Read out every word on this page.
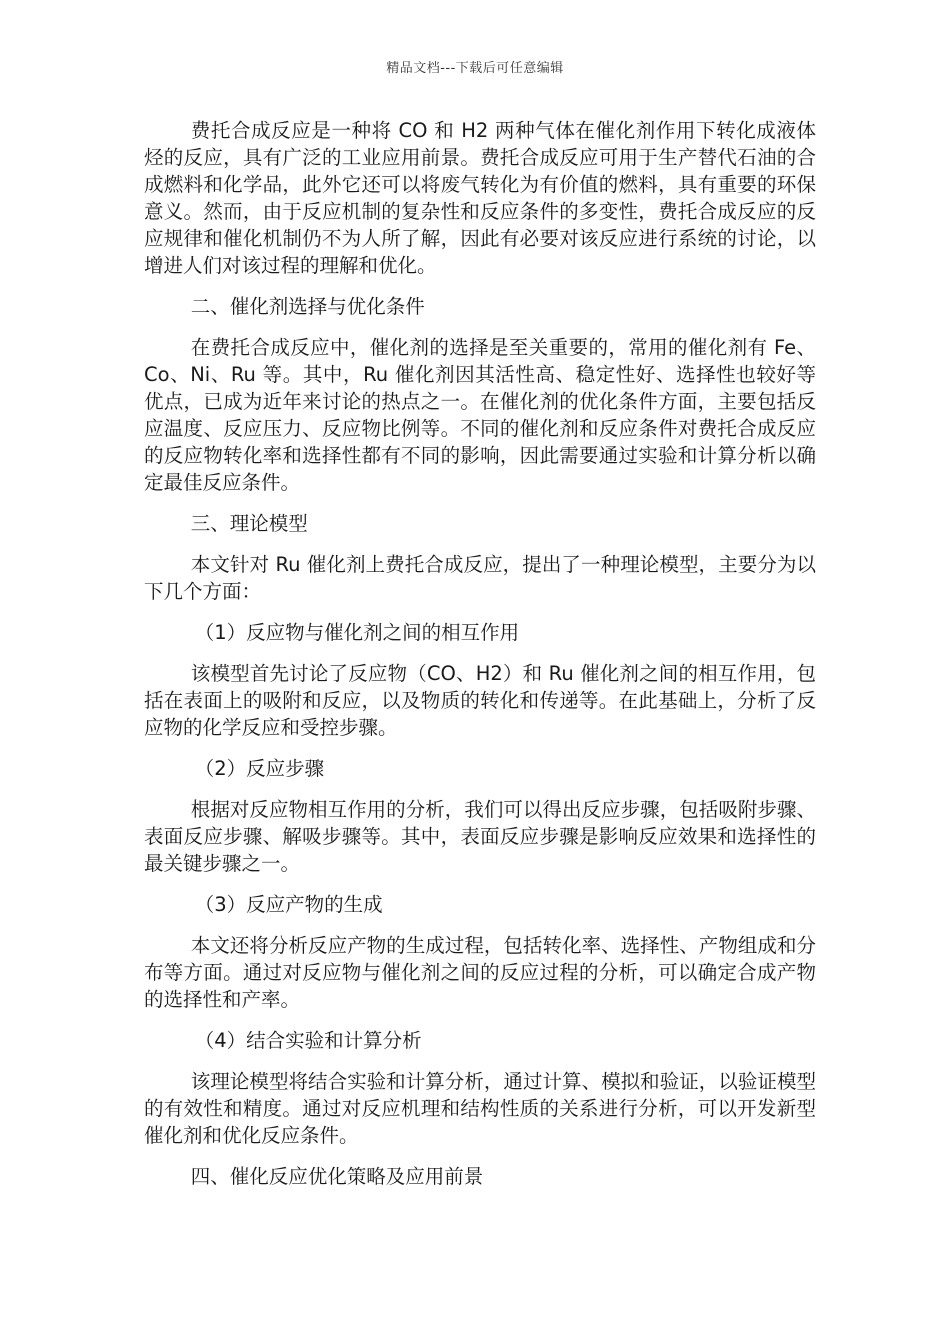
精品文档---下载后可任意编辑

费托合成反应是一种将 CO 和 H2 两种气体在催化剂作用下转化成液体烃的反应，具有广泛的工业应用前景。费托合成反应可用于生产替代石油的合成燃料和化学品，此外它还可以将废气转化为有价值的燃料，具有重要的环保意义。然而，由于反应机制的复杂性和反应条件的多变性，费托合成反应的反应规律和催化机制仍不为人所了解，因此有必要对该反应进行系统的讨论，以增进人们对该过程的理解和优化。

二、催化剂选择与优化条件

在费托合成反应中，催化剂的选择是至关重要的，常用的催化剂有 Fe、Co、Ni、Ru 等。其中，Ru 催化剂因其活性高、稳定性好、选择性也较好等优点，已成为近年来讨论的热点之一。在催化剂的优化条件方面，主要包括反应温度、反应压力、反应物比例等。不同的催化剂和反应条件对费托合成反应的反应物转化率和选择性都有不同的影响，因此需要通过实验和计算分析以确定最佳反应条件。

三、理论模型

本文针对 Ru 催化剂上费托合成反应，提出了一种理论模型，主要分为以下几个方面：

（1）反应物与催化剂之间的相互作用

该模型首先讨论了反应物（CO、H2）和 Ru 催化剂之间的相互作用，包括在表面上的吸附和反应，以及物质的转化和传递等。在此基础上，分析了反应物的化学反应和受控步骤。

（2）反应步骤

根据对反应物相互作用的分析，我们可以得出反应步骤，包括吸附步骤、表面反应步骤、解吸步骤等。其中，表面反应步骤是影响反应效果和选择性的最关键步骤之一。

（3）反应产物的生成

本文还将分析反应产物的生成过程，包括转化率、选择性、产物组成和分布等方面。通过对反应物与催化剂之间的反应过程的分析，可以确定合成产物的选择性和产率。

（4）结合实验和计算分析

该理论模型将结合实验和计算分析，通过计算、模拟和验证，以验证模型的有效性和精度。通过对反应机理和结构性质的关系进行分析，可以开发新型催化剂和优化反应条件。

四、催化反应优化策略及应用前景
